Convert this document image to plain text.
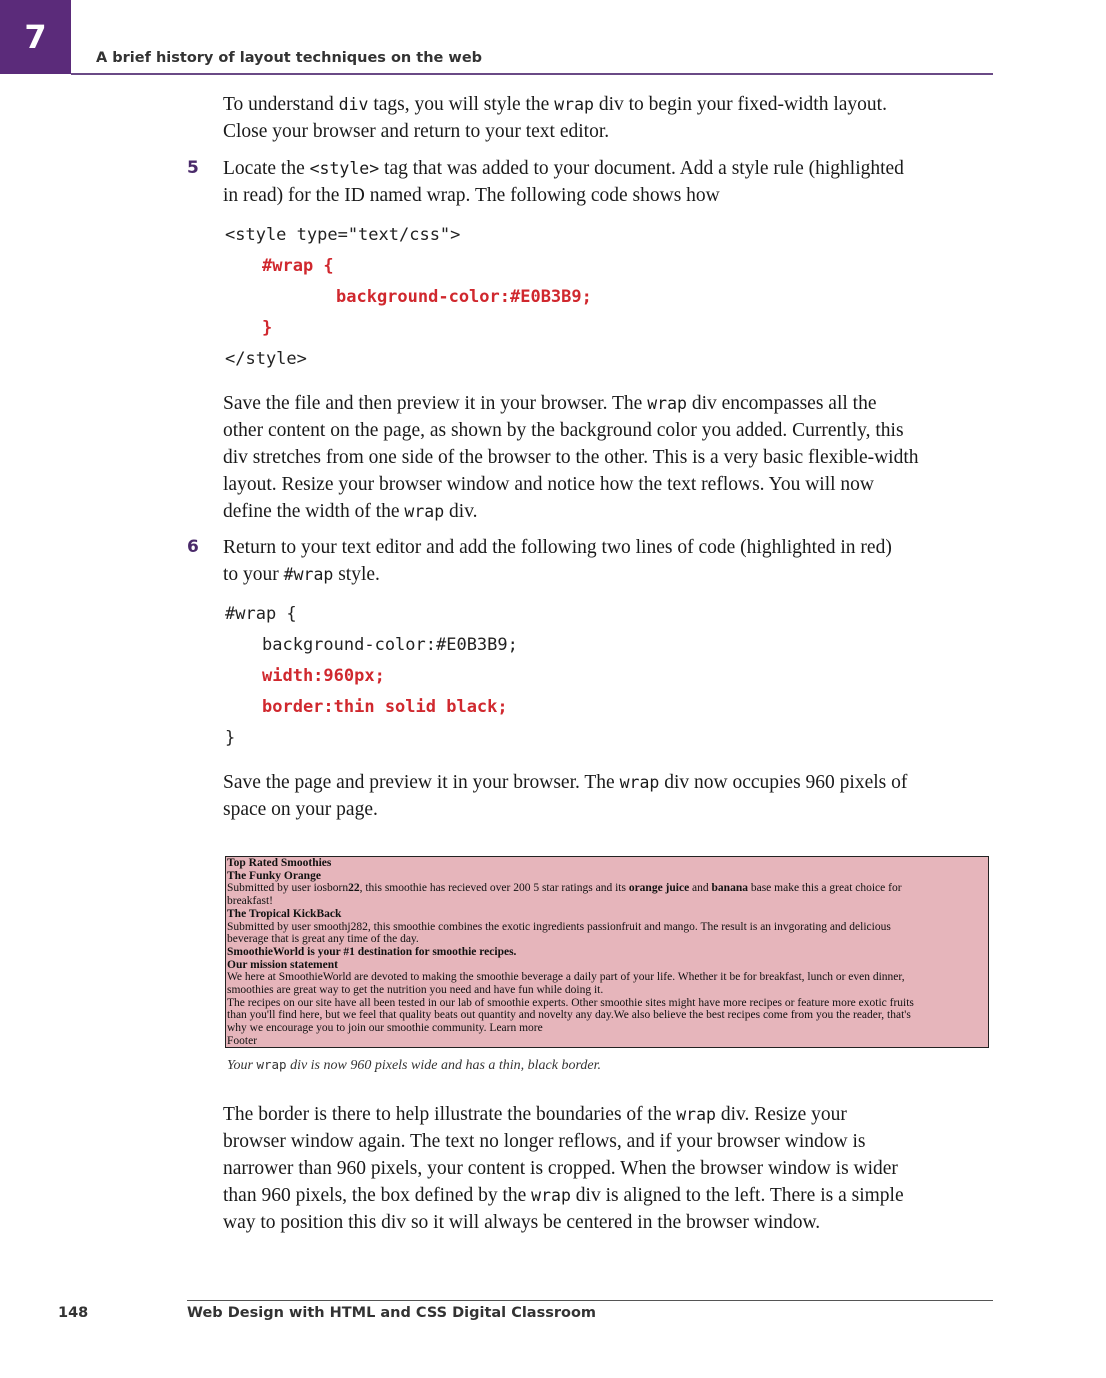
7
A brief history of layout techniques on the web

To understand div tags, you will style the wrap div to begin your fixed-width layout.
Close your browser and return to your text editor.

5 Locate the <style> tag that was added to your document. Add a style rule (highlighted
in read) for the ID named wrap. The following code shows how

<style type="text/css">
#wrap {
background-color:#E0B3B9;
}
</style>

Save the file and then preview it in your browser. The wrap div encompasses all the
other content on the page, as shown by the background color you added. Currently, this
div stretches from one side of the browser to the other. This is a very basic flexible-width
layout. Resize your browser window and notice how the text reflows. You will now
define the width of the wrap div.

6 Return to your text editor and add the following two lines of code (highlighted in red)
to your #wrap style.

#wrap {
background-color:#E0B3B9;
width:960px;
border:thin solid black;
}

Save the page and preview it in your browser. The wrap div now occupies 960 pixels of
space on your page.

Top Rated Smoothies
The Funky Orange
Submitted by user iosborn22, this smoothie has recieved over 200 5 star ratings and its orange juice and banana base make this a great choice for
breakfast!
The Tropical KickBack
Submitted by user smoothj282, this smoothie combines the exotic ingredients passionfruit and mango. The result is an invgorating and delicious
beverage that is great any time of the day.
SmoothieWorld is your #1 destination for smoothie recipes.
Our mission statement
We here at SmoothieWorld are devoted to making the smoothie beverage a daily part of your life. Whether it be for breakfast, lunch or even dinner,
smoothies are great way to get the nutrition you need and have fun while doing it.
The recipes on our site have all been tested in our lab of smoothie experts. Other smoothie sites might have more recipes or feature more exotic fruits
than you'll find here, but we feel that quality beats out quantity and novelty any day.We also believe the best recipes come from you the reader, that's
why we encourage you to join our smoothie community. Learn more
Footer
Your wrap div is now 960 pixels wide and has a thin, black border.

The border is there to help illustrate the boundaries of the wrap div. Resize your
browser window again. The text no longer reflows, and if your browser window is
narrower than 960 pixels, your content is cropped. When the browser window is wider
than 960 pixels, the box defined by the wrap div is aligned to the left. There is a simple
way to position this div so it will always be centered in the browser window.

148	Web Design with HTML and CSS Digital Classroom
